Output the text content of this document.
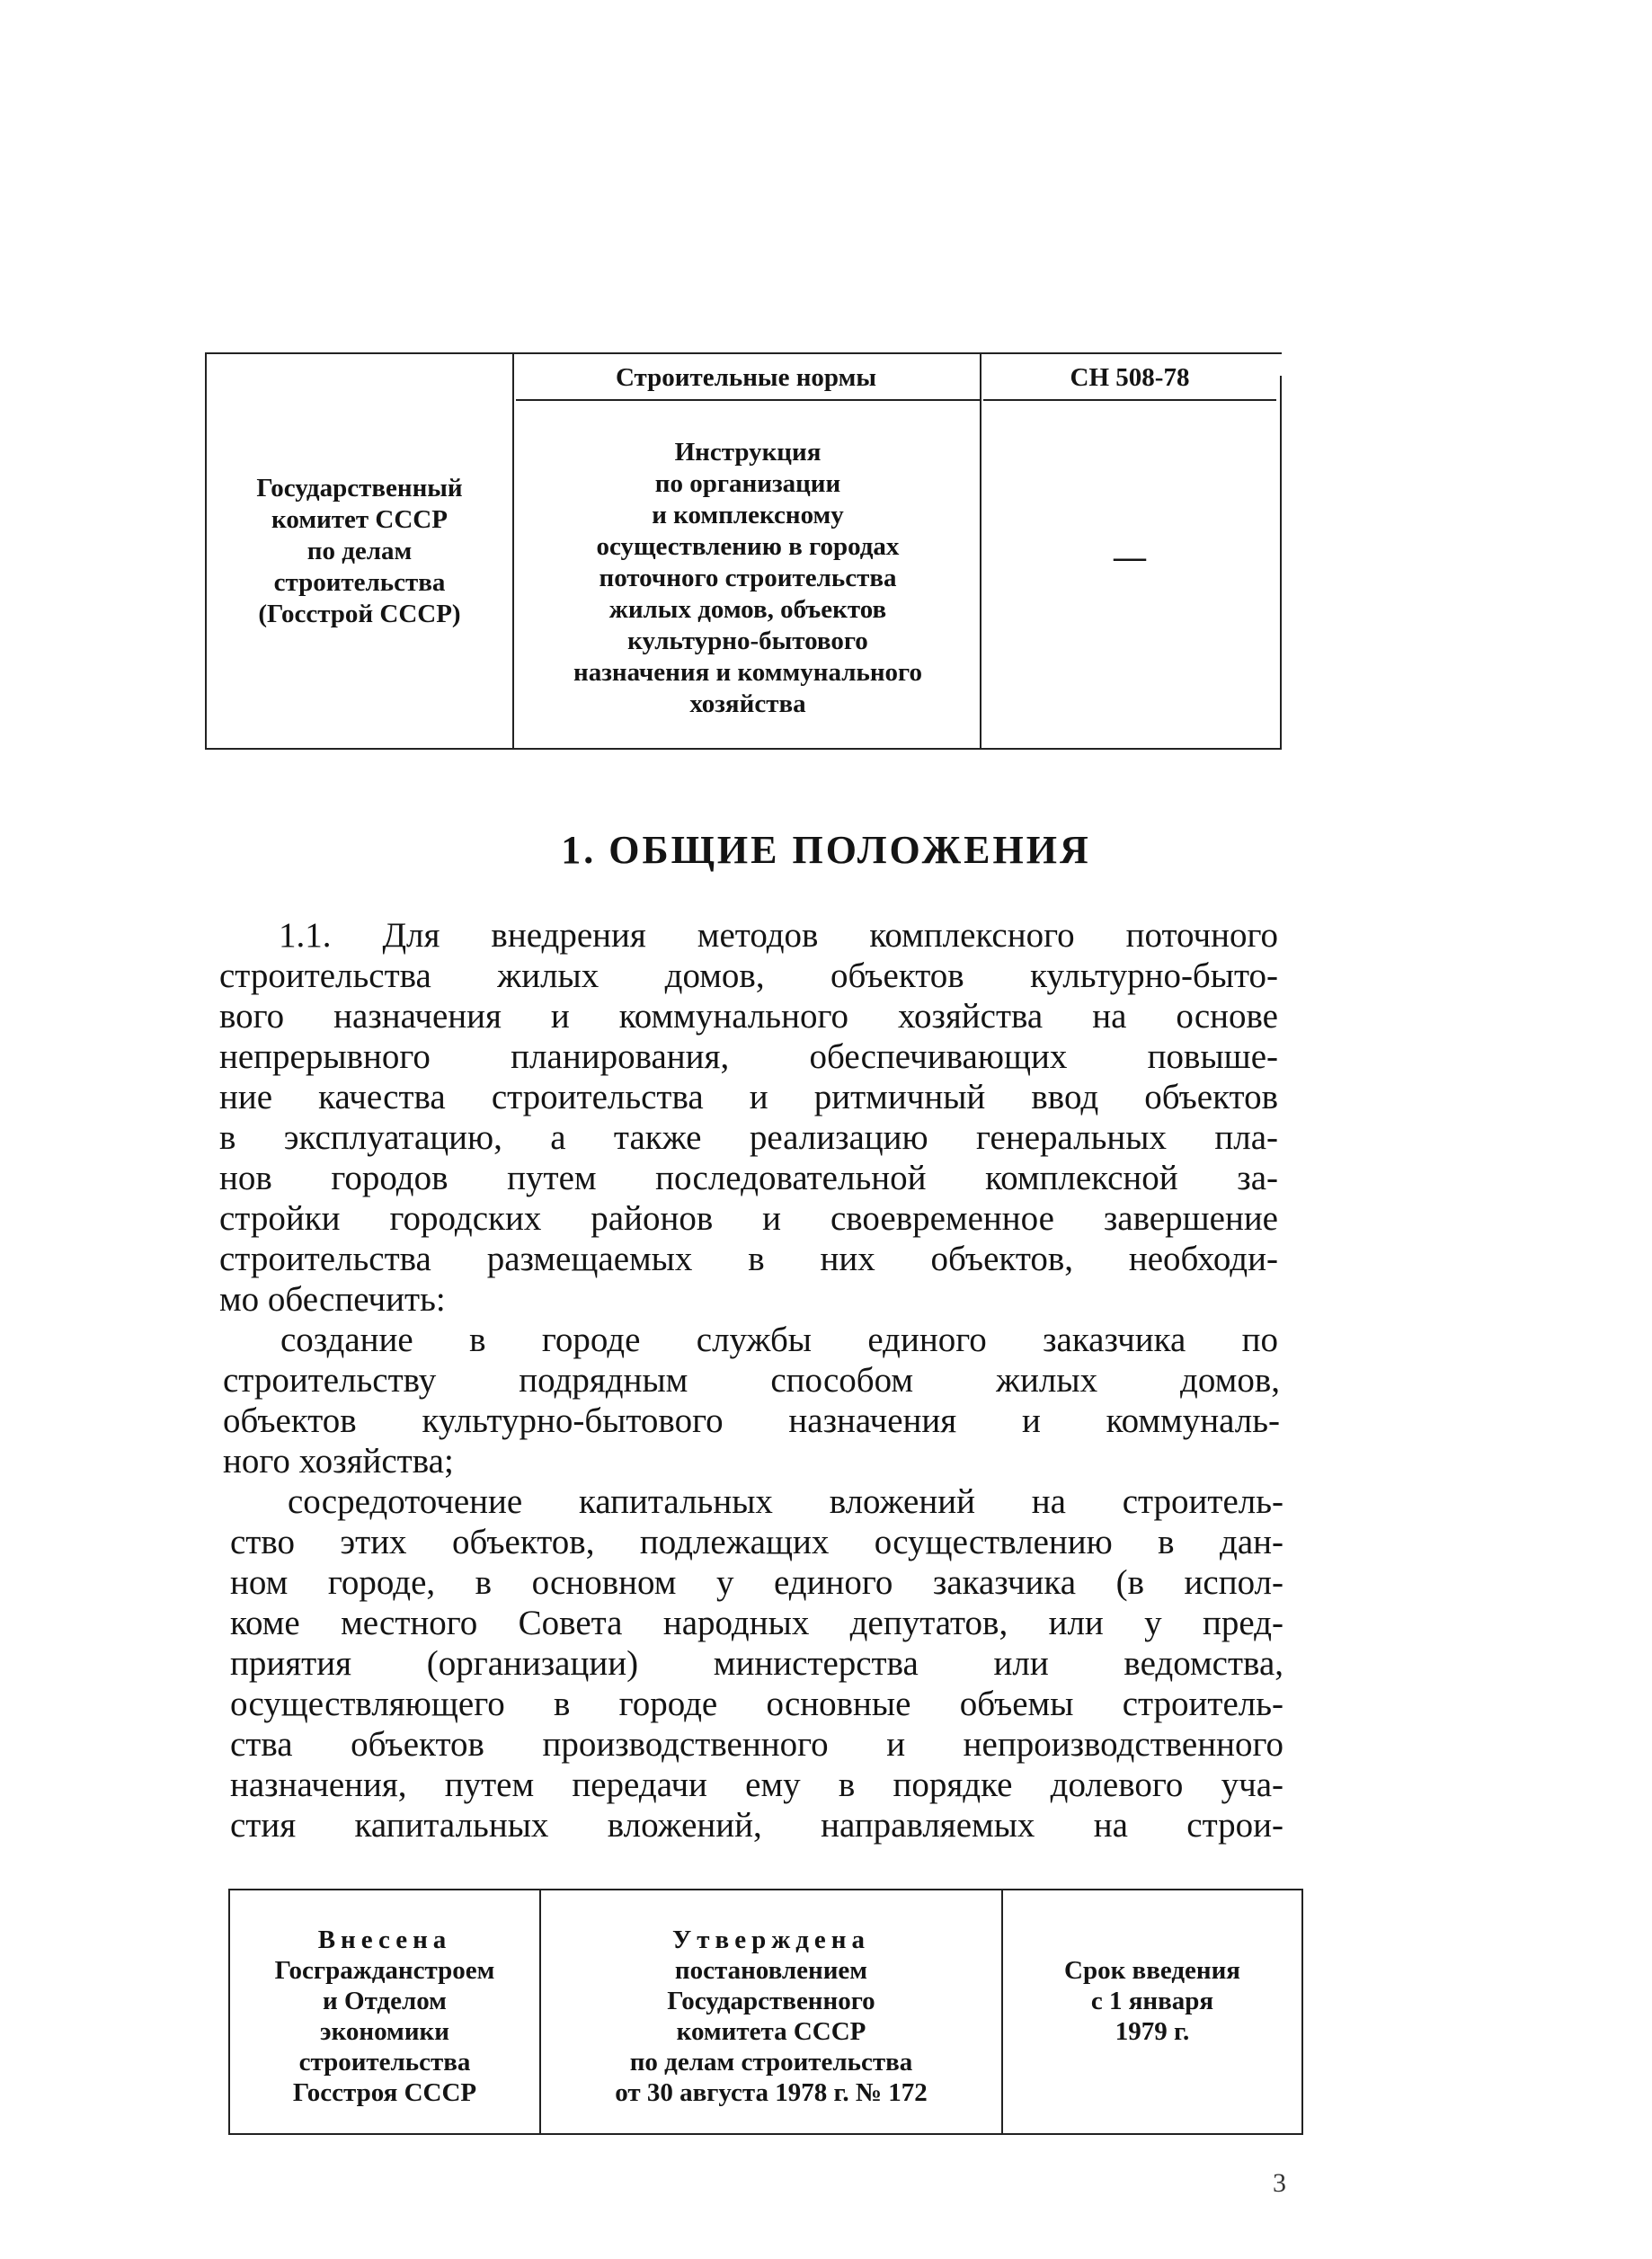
Государственный
комитет СССР
по делам
строительства
(Госстрой СССР)
Строительные нормы	СН 508-78
Инструкция
по организации
и комплексному
осуществлению в городах
поточного строительства
жилых домов, объектов
культурно-бытового
назначения и коммунального
хозяйства
—
1. ОБЩИЕ ПОЛОЖЕНИЯ
1.1. Для внедрения методов комплексного поточного
строительства жилых домов, объектов культурно-быто-
вого назначения и коммунального хозяйства на основе
непрерывного планирования, обеспечивающих повыше-
ние качества строительства и ритмичный ввод объектов
в эксплуатацию, а также реализацию генеральных пла-
нов городов путем последовательной комплексной за-
стройки городских районов и своевременное завершение
строительства размещаемых в них объектов, необходи-
мо обеспечить:
создание в городе службы единого заказчика по
строительству подрядным способом жилых домов,
объектов культурно-бытового назначения и коммуналь-
ного хозяйства;
сосредоточение капитальных вложений на строитель-
ство этих объектов, подлежащих осуществлению в дан-
ном городе, в основном у единого заказчика (в испол-
коме местного Совета народных депутатов, или у пред-
приятия (организации) министерства или ведомства,
осуществляющего в городе основные объемы строитель-
ства объектов производственного и непроизводственного
назначения, путем передачи ему в порядке долевого уча-
стия капитальных вложений, направляемых на строи-
Внесена
Госгражданстроем
и Отделом
экономики
строительства
Госстроя СССР
Утверждена
постановлением
Государственного
комитета СССР
по делам строительства
от 30 августа 1978 г. № 172
Срок введения
с 1 января
1979 г.
3
